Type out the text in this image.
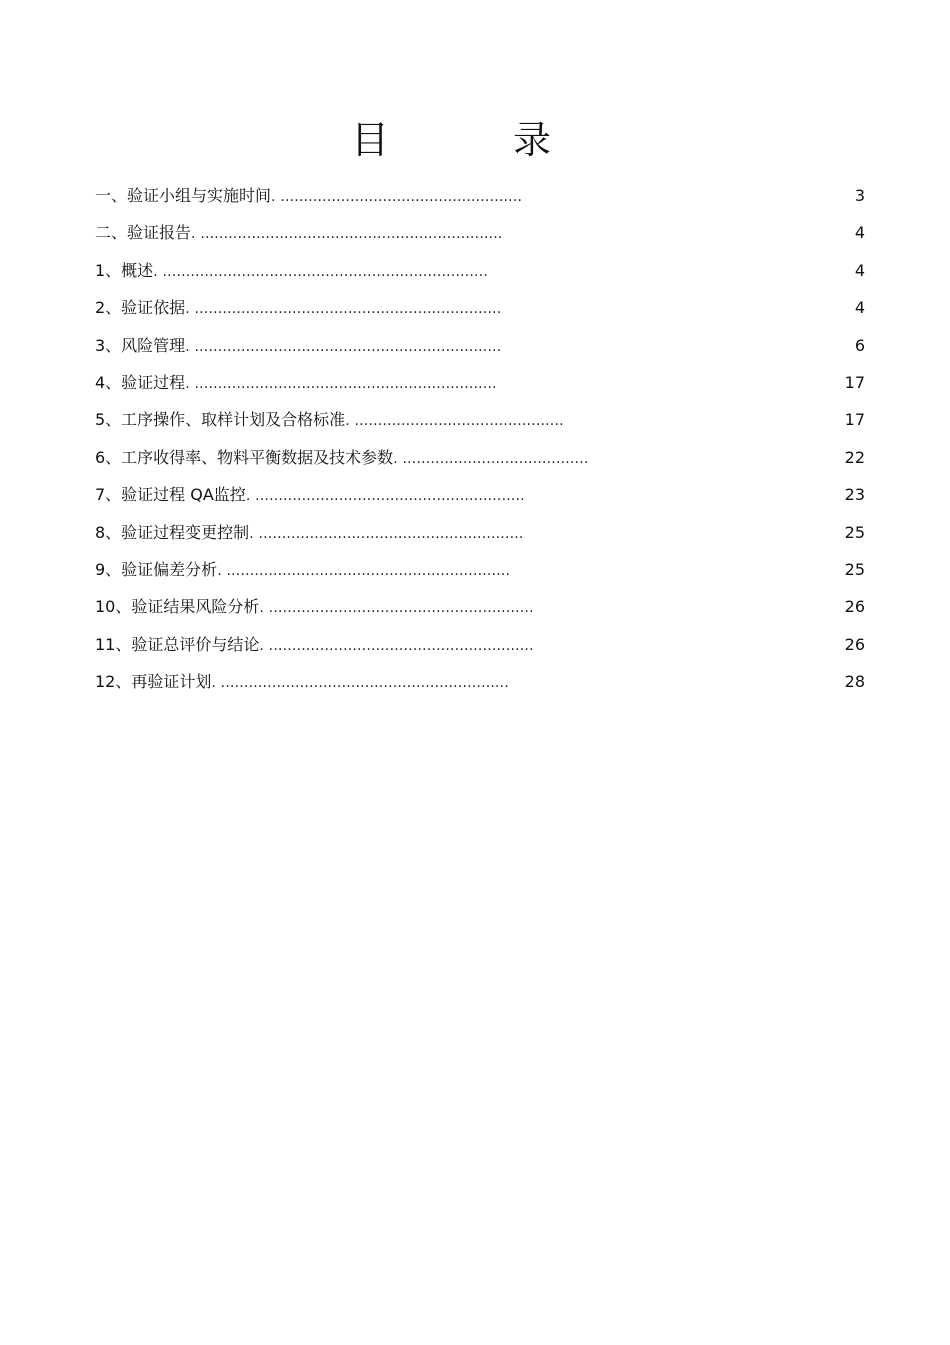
目 录
一、验证小组与实施时间. ....................................................	3
二、验证报告. .................................................................	4
1、概述. ......................................................................	4
2、验证依据. ..................................................................	4
3、风险管理. ..................................................................	6
4、验证过程. .................................................................	17
5、工序操作、取样计划及合格标准. .............................................	17
6、工序收得率、物料平衡数据及技术参数. ........................................	22
7、验证过程 QA监控. ..........................................................	23
8、验证过程变更控制. .........................................................	25
9、验证偏差分析. .............................................................	25
10、验证结果风险分析. .........................................................	26
11、验证总评价与结论. .........................................................	26
12、再验证计划. ..............................................................	28
